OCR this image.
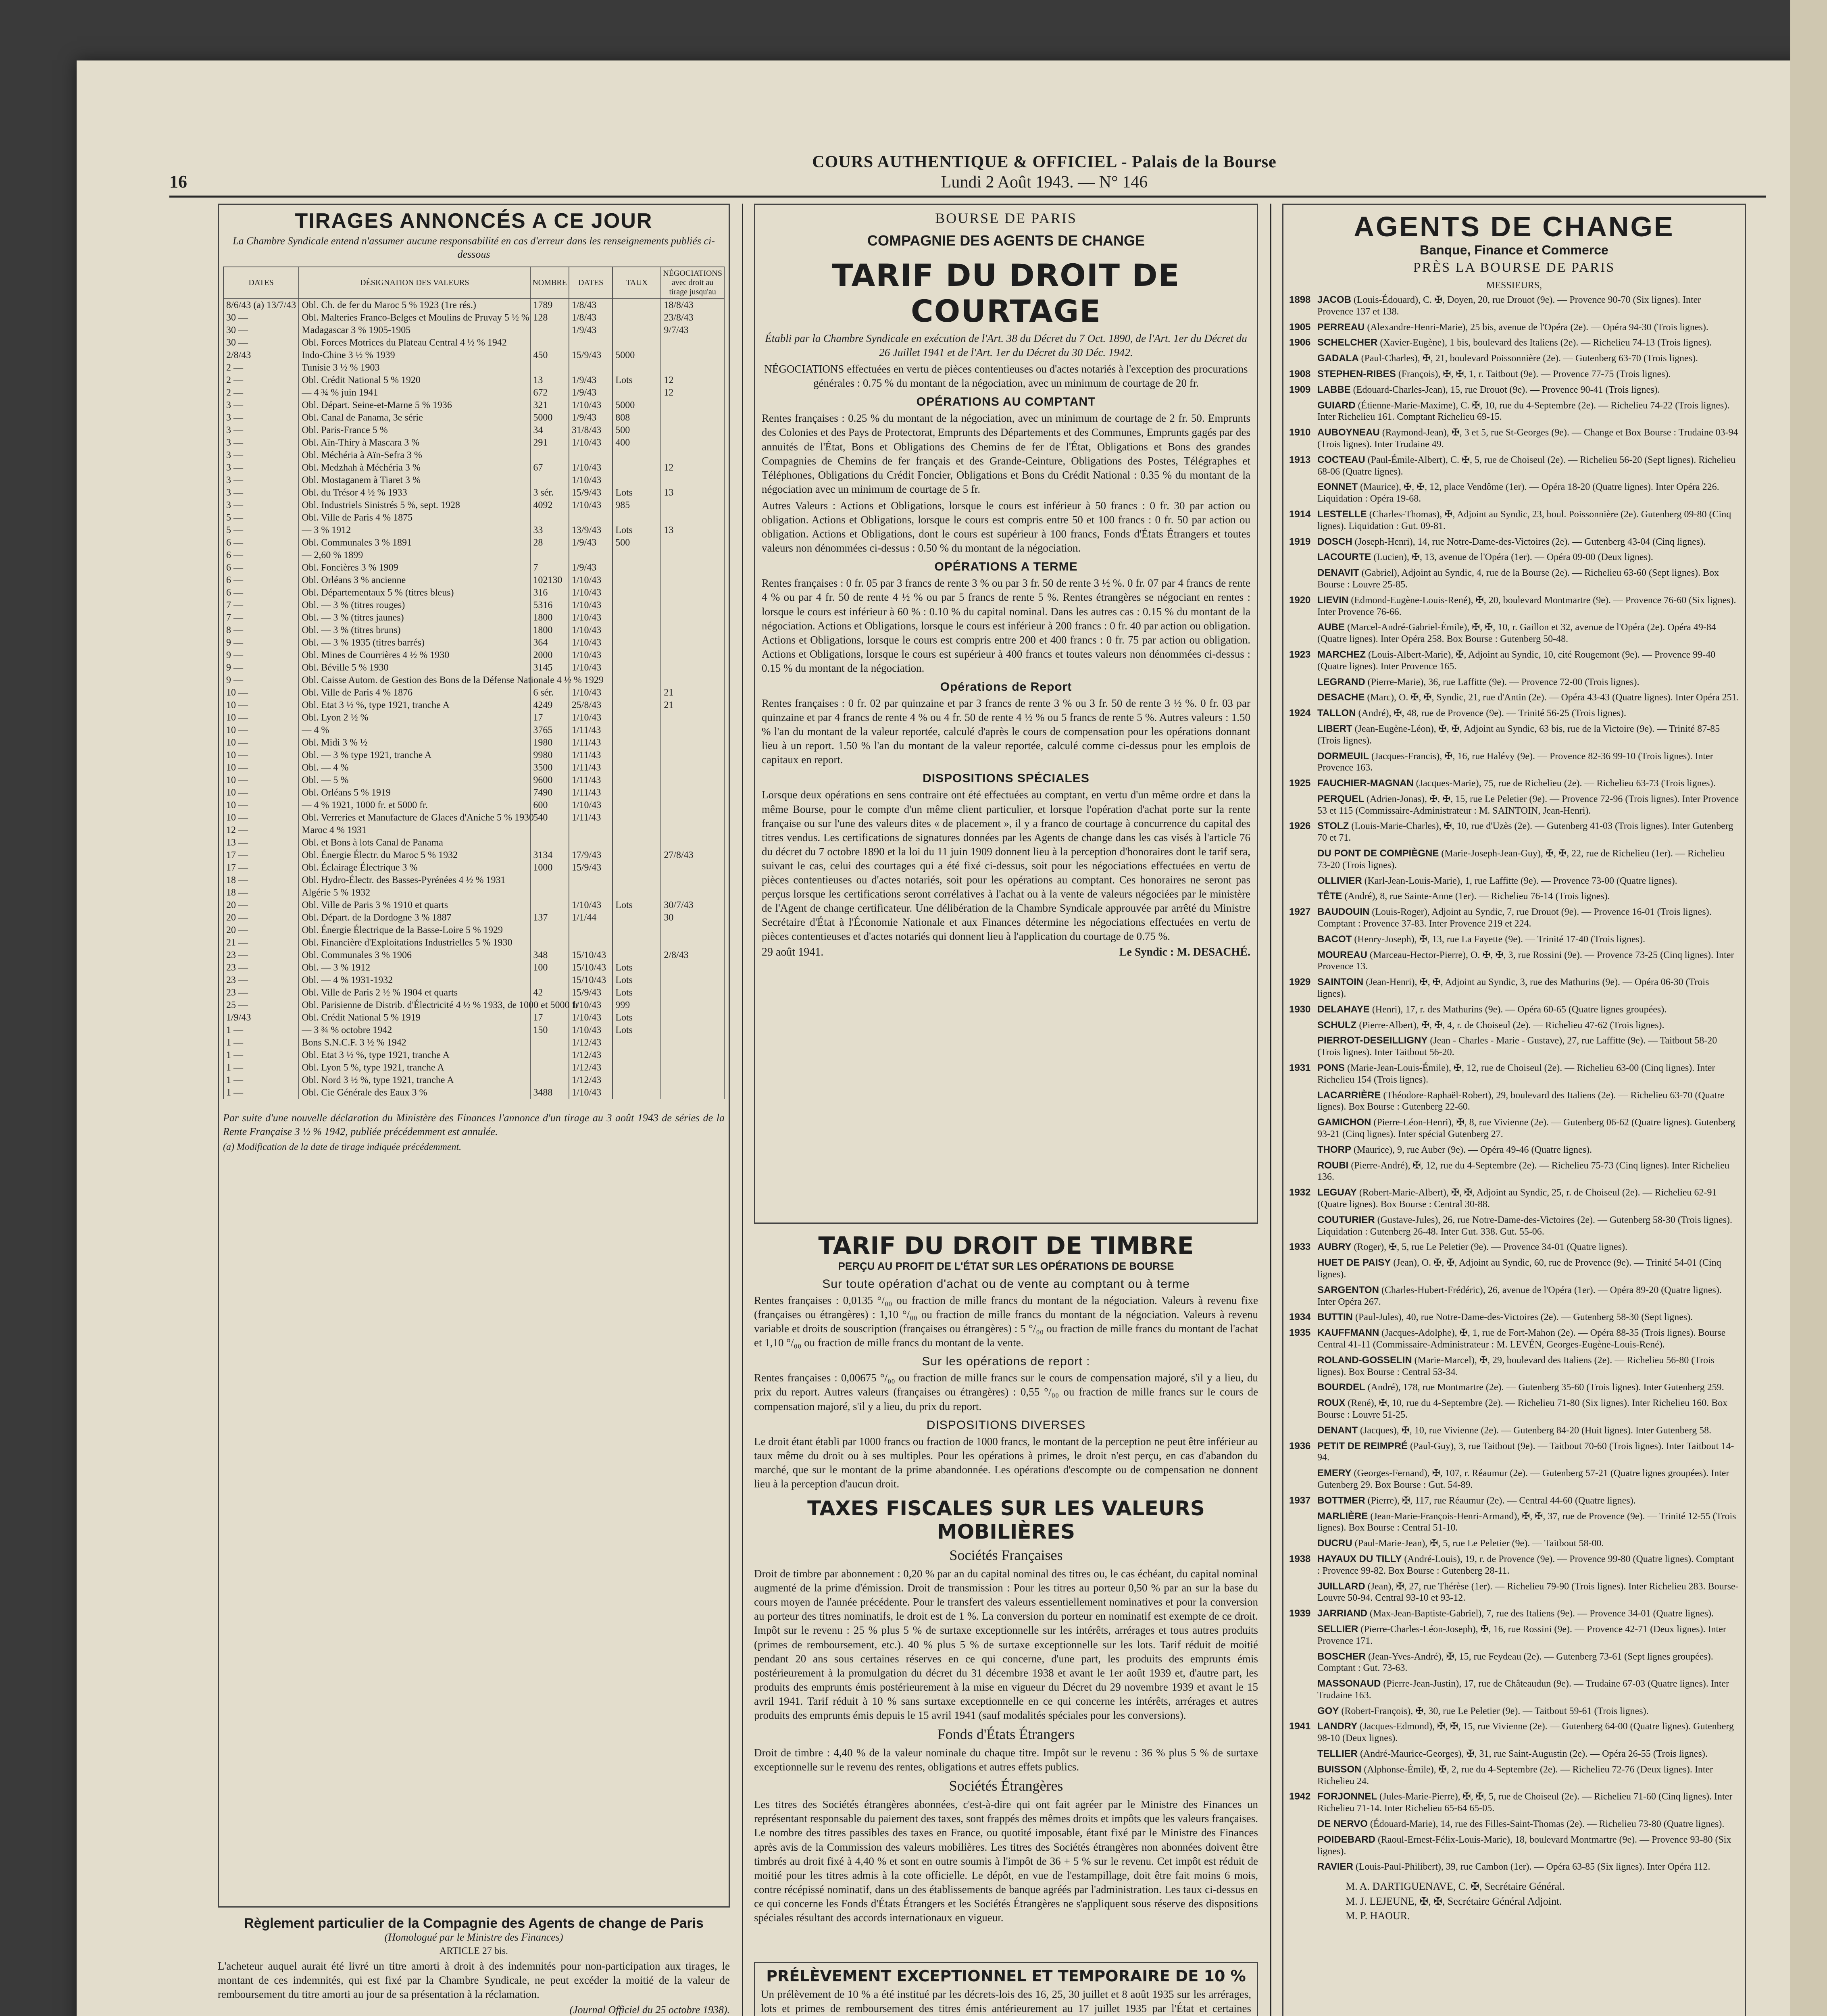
16
COURS AUTHENTIQUE & OFFICIEL - Palais de la Bourse
Lundi 2 Août 1943. — N° 146
TIRAGES ANNONCÉS A CE JOUR
La Chambre Syndicale entend n'assumer aucune responsabilité en cas d'erreur dans les renseignements publiés ci-dessous
DATES	DÉSIGNATION DES VALEURS	NOMBRE	DATES	TAUX	NÉGOCIATIONS avec droit au tirage jusqu'au
8/6/43 (a) 13/7/43	Obl. Ch. de fer du Maroc 5 % 1923 (1re rés.)	1789	1/8/43		18/8/43
30 —	Obl. Malteries Franco-Belges et Moulins de Pruvay 5 ½ %	128	1/8/43		23/8/43
30 —	Madagascar 3 % 1905-1905		1/9/43		9/7/43
30 —	Obl. Forces Motrices du Plateau Central 4 ½ % 1942				
2/8/43	Indo-Chine 3 ½ % 1939	450	15/9/43	5000	
2 —	Tunisie 3 ½ % 1903				
2 —	Obl. Crédit National 5 % 1920	13	1/9/43	Lots	12
2 —	— 4 ¾ % juin 1941	672	1/9/43		12
3 —	Obl. Départ. Seine-et-Marne 5 % 1936	321	1/10/43	5000	
3 —	Obl. Canal de Panama, 3e série	5000	1/9/43	808	
3 —	Obl. Paris-France 5 %	34	31/8/43	500	
3 —	Obl. Aïn-Thiry à Mascara 3 %	291	1/10/43	400	
3 —	Obl. Méchéria à Aïn-Sefra 3 %				
3 —	Obl. Medzhah à Méchéria 3 %	67	1/10/43		12
3 —	Obl. Mostaganem à Tiaret 3 %		1/10/43		
3 —	Obl. du Trésor 4 ½ % 1933	3 sér.	15/9/43	Lots	13
3 —	Obl. Industriels Sinistrés 5 %, sept. 1928	4092	1/10/43	985	
5 —	Obl. Ville de Paris 4 % 1875				
5 —	— 3 % 1912	33	13/9/43	Lots	13
6 —	Obl. Communales 3 % 1891	28	1/9/43	500	
6 —	— 2,60 % 1899				
6 —	Obl. Foncières 3 % 1909	7	1/9/43		
6 —	Obl. Orléans 3 % ancienne	102130	1/10/43		
6 —	Obl. Départementaux 5 % (titres bleus)	316	1/10/43		
7 —	Obl. — 3 % (titres rouges)	5316	1/10/43		
7 —	Obl. — 3 % (titres jaunes)	1800	1/10/43		
8 —	Obl. — 3 % (titres bruns)	1800	1/10/43		
9 —	Obl. — 3 % 1935 (titres barrés)	364	1/10/43		
9 —	Obl. Mines de Courrières 4 ½ % 1930	2000	1/10/43		
9 —	Obl. Béville 5 % 1930	3145	1/10/43		
9 —	Obl. Caisse Autom. de Gestion des Bons de la Défense Nationale 4 ½ % 1929				
10 —	Obl. Ville de Paris 4 % 1876	6 sér.	1/10/43		21
10 —	Obl. Etat 3 ½ %, type 1921, tranche A	4249	25/8/43		21
10 —	Obl. Lyon 2 ½ %	17	1/10/43		
10 —	— 4 %	3765	1/11/43		
10 —	Obl. Midi 3 % ½	1980	1/11/43		
10 —	Obl. — 3 % type 1921, tranche A	9980	1/11/43		
10 —	Obl. — 4 %	3500	1/11/43		
10 —	Obl. — 5 %	9600	1/11/43		
10 —	Obl. Orléans 5 % 1919	7490	1/11/43		
10 —	— 4 % 1921, 1000 fr. et 5000 fr.	600	1/10/43		
10 —	Obl. Verreries et Manufacture de Glaces d'Aniche 5 % 1930	540	1/11/43		
12 —	Maroc 4 % 1931				
13 —	Obl. et Bons à lots Canal de Panama				
17 —	Obl. Énergie Électr. du Maroc 5 % 1932	3134	17/9/43		27/8/43
17 —	Obl. Éclairage Électrique 3 %	1000	15/9/43		
18 —	Obl. Hydro-Électr. des Basses-Pyrénées 4 ½ % 1931				
18 —	Algérie 5 % 1932				
20 —	Obl. Ville de Paris 3 % 1910 et quarts		1/10/43	Lots	30/7/43
20 —	Obl. Départ. de la Dordogne 3 % 1887	137	1/1/44		30
20 —	Obl. Énergie Électrique de la Basse-Loire 5 % 1929				
21 —	Obl. Financière d'Exploitations Industrielles 5 % 1930				
23 —	Obl. Communales 3 % 1906	348	15/10/43		2/8/43
23 —	Obl. — 3 % 1912	100	15/10/43	Lots	
23 —	Obl. — 4 % 1931-1932		15/10/43	Lots	
23 —	Obl. Ville de Paris 2 ½ % 1904 et quarts	42	15/9/43	Lots	
25 —	Obl. Parisienne de Distrib. d'Électricité 4 ½ % 1933, de 1000 et 5000 fr		1/10/43	999	
1/9/43	Obl. Crédit National 5 % 1919	17	1/10/43	Lots	
1 —	— 3 ¾ % octobre 1942	150	1/10/43	Lots	
1 —	Bons S.N.C.F. 3 ½ % 1942		1/12/43		
1 —	Obl. Etat 3 ½ %, type 1921, tranche A		1/12/43		
1 —	Obl. Lyon 5 %, type 1921, tranche A		1/12/43		
1 —	Obl. Nord 3 ½ %, type 1921, tranche A		1/12/43		
1 —	Obl. Cie Générale des Eaux 3 %	3488	1/10/43		
Par suite d'une nouvelle déclaration du Ministère des Finances l'annonce d'un tirage au 3 août 1943 de séries de la Rente Française 3 ½ % 1942, publiée précédemment est annulée.
(a) Modification de la date de tirage indiquée précédemment.
Règlement particulier de la Compagnie des Agents de change de Paris
(Homologué par le Ministre des Finances)
ARTICLE 27 bis.
L'acheteur auquel aurait été livré un titre amorti à droit à des indemnités pour non-participation aux tirages, le montant de ces indemnités, qui est fixé par la Chambre Syndicale, ne peut excéder la moitié de la valeur de remboursement du titre amorti au jour de sa présentation à la réclamation.
(Journal Officiel du 25 octobre 1938).
BOURSE DE PARIS
COMPAGNIE DES AGENTS DE CHANGE
TARIF DU DROIT DE COURTAGE
Établi par la Chambre Syndicale en exécution de l'Art. 38 du Décret du 7 Oct. 1890, de l'Art. 1er du Décret du 26 Juillet 1941 et de l'Art. 1er du Décret du 30 Déc. 1942.
NÉGOCIATIONS effectuées en vertu de pièces contentieuses ou d'actes notariés à l'exception des procurations générales : 0.75 % du montant de la négociation, avec un minimum de courtage de 20 fr.
OPÉRATIONS AU COMPTANT
Rentes françaises : 0.25 % du montant de la négociation, avec un minimum de courtage de 2 fr. 50. Emprunts des Colonies et des Pays de Protectorat, Emprunts des Départements et des Communes, Emprunts gagés par des annuités de l'État, Bons et Obligations des Chemins de fer de l'État, Obligations et Bons des grandes Compagnies de Chemins de fer français et des Grande-Ceinture, Obligations des Postes, Télégraphes et Téléphones, Obligations du Crédit Foncier, Obligations et Bons du Crédit National : 0.35 % du montant de la négociation avec un minimum de courtage de 5 fr.
Autres Valeurs : Actions et Obligations, lorsque le cours est inférieur à 50 francs : 0 fr. 30 par action ou obligation. Actions et Obligations, lorsque le cours est compris entre 50 et 100 francs : 0 fr. 50 par action ou obligation. Actions et Obligations, dont le cours est supérieur à 100 francs, Fonds d'États Étrangers et toutes valeurs non dénommées ci-dessus : 0.50 % du montant de la négociation.
OPÉRATIONS A TERME
Rentes françaises : 0 fr. 05 par 3 francs de rente 3 % ou par 3 fr. 50 de rente 3 ½ %. 0 fr. 07 par 4 francs de rente 4 % ou par 4 fr. 50 de rente 4 ½ % ou par 5 francs de rente 5 %. Rentes étrangères se négociant en rentes : lorsque le cours est inférieur à 60 % : 0.10 % du capital nominal. Dans les autres cas : 0.15 % du montant de la négociation. Actions et Obligations, lorsque le cours est inférieur à 200 francs : 0 fr. 40 par action ou obligation. Actions et Obligations, lorsque le cours est compris entre 200 et 400 francs : 0 fr. 75 par action ou obligation. Actions et Obligations, lorsque le cours est supérieur à 400 francs et toutes valeurs non dénommées ci-dessus : 0.15 % du montant de la négociation.
Opérations de Report
Rentes françaises : 0 fr. 02 par quinzaine et par 3 francs de rente 3 % ou 3 fr. 50 de rente 3 ½ %. 0 fr. 03 par quinzaine et par 4 francs de rente 4 % ou 4 fr. 50 de rente 4 ½ % ou 5 francs de rente 5 %. Autres valeurs : 1.50 % l'an du montant de la valeur reportée, calculé d'après le cours de compensation pour les opérations donnant lieu à un report. 1.50 % l'an du montant de la valeur reportée, calculé comme ci-dessus pour les emplois de capitaux en report.
DISPOSITIONS SPÉCIALES
Lorsque deux opérations en sens contraire ont été effectuées au comptant, en vertu d'un même ordre et dans la même Bourse, pour le compte d'un même client particulier, et lorsque l'opération d'achat porte sur la rente française ou sur l'une des valeurs dites « de placement », il y a franco de courtage à concurrence du capital des titres vendus. Les certifications de signatures données par les Agents de change dans les cas visés à l'article 76 du décret du 7 octobre 1890 et la loi du 11 juin 1909 donnent lieu à la perception d'honoraires dont le tarif sera, suivant le cas, celui des courtages qui a été fixé ci-dessus, soit pour les négociations effectuées en vertu de pièces contentieuses ou d'actes notariés, soit pour les opérations au comptant. Ces honoraires ne seront pas perçus lorsque les certifications seront corrélatives à l'achat ou à la vente de valeurs négociées par le ministère de l'Agent de change certificateur. Une délibération de la Chambre Syndicale approuvée par arrêté du Ministre Secrétaire d'État à l'Économie Nationale et aux Finances détermine les négociations effectuées en vertu de pièces contentieuses et d'actes notariés qui donnent lieu à l'application du courtage de 0.75 %.
29 août 1941.	Le Syndic : M. DESACHÉ.
TARIF DU DROIT DE TIMBRE
PERÇU AU PROFIT DE L'ÉTAT SUR LES OPÉRATIONS DE BOURSE
Sur toute opération d'achat ou de vente au comptant ou à terme
Rentes françaises : 0,0135 °/₀₀ ou fraction de mille francs du montant de la négociation. Valeurs à revenu fixe (françaises ou étrangères) : 1,10 °/₀₀ ou fraction de mille francs du montant de la négociation. Valeurs à revenu variable et droits de souscription (françaises ou étrangères) : 5 °/₀₀ ou fraction de mille francs du montant de l'achat et 1,10 °/₀₀ ou fraction de mille francs du montant de la vente.
Sur les opérations de report :
Rentes françaises : 0,00675 °/₀₀ ou fraction de mille francs sur le cours de compensation majoré, s'il y a lieu, du prix du report. Autres valeurs (françaises ou étrangères) : 0,55 °/₀₀ ou fraction de mille francs sur le cours de compensation majoré, s'il y a lieu, du prix du report.
DISPOSITIONS DIVERSES
Le droit étant établi par 1000 francs ou fraction de 1000 francs, le montant de la perception ne peut être inférieur au taux même du droit ou à ses multiples. Pour les opérations à primes, le droit n'est perçu, en cas d'abandon du marché, que sur le montant de la prime abandonnée. Les opérations d'escompte ou de compensation ne donnent lieu à la perception d'aucun droit.
TAXES FISCALES SUR LES VALEURS MOBILIÈRES
Sociétés Françaises
Droit de timbre par abonnement : 0,20 % par an du capital nominal des titres ou, le cas échéant, du capital nominal augmenté de la prime d'émission. Droit de transmission : Pour les titres au porteur 0,50 % par an sur la base du cours moyen de l'année précédente. Pour le transfert des valeurs essentiellement nominatives et pour la conversion au porteur des titres nominatifs, le droit est de 1 %. La conversion du porteur en nominatif est exempte de ce droit. Impôt sur le revenu : 25 % plus 5 % de surtaxe exceptionnelle sur les intérêts, arrérages et tous autres produits (primes de remboursement, etc.). 40 % plus 5 % de surtaxe exceptionnelle sur les lots. Tarif réduit de moitié pendant 20 ans sous certaines réserves en ce qui concerne, d'une part, les produits des emprunts émis postérieurement à la promulgation du décret du 31 décembre 1938 et avant le 1er août 1939 et, d'autre part, les produits des emprunts émis postérieurement à la mise en vigueur du Décret du 29 novembre 1939 et avant le 15 avril 1941. Tarif réduit à 10 % sans surtaxe exceptionnelle en ce qui concerne les intérêts, arrérages et autres produits des emprunts émis depuis le 15 avril 1941 (sauf modalités spéciales pour les conversions).
Fonds d'États Étrangers
Droit de timbre : 4,40 % de la valeur nominale du chaque titre. Impôt sur le revenu : 36 % plus 5 % de surtaxe exceptionnelle sur le revenu des rentes, obligations et autres effets publics.
Sociétés Étrangères
Les titres des Sociétés étrangères abonnées, c'est-à-dire qui ont fait agréer par le Ministre des Finances un représentant responsable du paiement des taxes, sont frappés des mêmes droits et impôts que les valeurs françaises. Le nombre des titres passibles des taxes en France, ou quotité imposable, étant fixé par le Ministre des Finances après avis de la Commission des valeurs mobilières. Les titres des Sociétés étrangères non abonnées doivent être timbrés au droit fixé à 4,40 % et sont en outre soumis à l'impôt de 36 + 5 % sur le revenu. Cet impôt est réduit de moitié pour les titres admis à la cote officielle. Le dépôt, en vue de l'estampillage, doit être fait moins 6 mois, contre récépissé nominatif, dans un des établissements de banque agréés par l'administration. Les taux ci-dessus en ce qui concerne les Fonds d'États Étrangers et les Sociétés Étrangères ne s'appliquent sous réserve des dispositions spéciales résultant des accords internationaux en vigueur.
PRÉLÈVEMENT EXCEPTIONNEL ET TEMPORAIRE DE 10 %
Un prélèvement de 10 % a été institué par les décrets-lois des 16, 25, 30 juillet et 8 août 1935 sur les arrérages, lots et primes de remboursement des titres émis antérieurement au 17 juillet 1935 par l'État et certaines
AGENTS DE CHANGE
Banque, Finance et Commerce
PRÈS LA BOURSE DE PARIS
MESSIEURS,
1898 JACOB (Louis-Édouard), C. ✠, Doyen, 20, rue Drouot (9e). — Provence 90-70 (Six lignes). Inter Provence 137 et 138.
1905 PERREAU (Alexandre-Henri-Marie), 25 bis, avenue de l'Opéra (2e). — Opéra 94-30 (Trois lignes).
1906 SCHELCHER (Xavier-Eugène), 1 bis, boulevard des Italiens (2e). — Richelieu 74-13 (Trois lignes).
GADALA (Paul-Charles), ✠, 21, boulevard Poissonnière (2e). — Gutenberg 63-70 (Trois lignes).
1908 STEPHEN-RIBES (François), ✠, ✠, 1, r. Taitbout (9e). — Provence 77-75 (Trois lignes).
1909 LABBE (Edouard-Charles-Jean), 15, rue Drouot (9e). — Provence 90-41 (Trois lignes).
GUIARD (Étienne-Marie-Maxime), C. ✠, 10, rue du 4-Septembre (2e). — Richelieu 74-22 (Trois lignes). Inter Richelieu 161. Comptant Richelieu 69-15.
1910 AUBOYNEAU (Raymond-Jean), ✠, 3 et 5, rue St-Georges (9e). — Change et Box Bourse : Trudaine 03-94 (Trois lignes). Inter Trudaine 49.
1913 COCTEAU (Paul-Émile-Albert), C. ✠, 5, rue de Choiseul (2e). — Richelieu 56-20 (Sept lignes). Richelieu 68-06 (Quatre lignes).
EONNET (Maurice), ✠, ✠, 12, place Vendôme (1er). — Opéra 18-20 (Quatre lignes). Inter Opéra 226. Liquidation : Opéra 19-68.
1914 LESTELLE (Charles-Thomas), ✠, Adjoint au Syndic, 23, boul. Poissonnière (2e). Gutenberg 09-80 (Cinq lignes). Liquidation : Gut. 09-81.
1919 DOSCH (Joseph-Henri), 14, rue Notre-Dame-des-Victoires (2e). — Gutenberg 43-04 (Cinq lignes).
LACOURTE (Lucien), ✠, 13, avenue de l'Opéra (1er). — Opéra 09-00 (Deux lignes).
DENAVIT (Gabriel), Adjoint au Syndic, 4, rue de la Bourse (2e). — Richelieu 63-60 (Sept lignes). Box Bourse : Louvre 25-85.
1920 LIEVIN (Edmond-Eugène-Louis-René), ✠, 20, boulevard Montmartre (9e). — Provence 76-60 (Six lignes). Inter Provence 76-66.
AUBE (Marcel-André-Gabriel-Émile), ✠, ✠, 10, r. Gaillon et 32, avenue de l'Opéra (2e). Opéra 49-84 (Quatre lignes). Inter Opéra 258. Box Bourse : Gutenberg 50-48.
1923 MARCHEZ (Louis-Albert-Marie), ✠, Adjoint au Syndic, 10, cité Rougemont (9e). — Provence 99-40 (Quatre lignes). Inter Provence 165.
LEGRAND (Pierre-Marie), 36, rue Laffitte (9e). — Provence 72-00 (Trois lignes).
DESACHE (Marc), O. ✠, ✠, Syndic, 21, rue d'Antin (2e). — Opéra 43-43 (Quatre lignes). Inter Opéra 251.
1924 TALLON (André), ✠, 48, rue de Provence (9e). — Trinité 56-25 (Trois lignes).
LIBERT (Jean-Eugène-Léon), ✠, ✠, Adjoint au Syndic, 63 bis, rue de la Victoire (9e). — Trinité 87-85 (Trois lignes).
DORMEUIL (Jacques-Francis), ✠, 16, rue Halévy (9e). — Provence 82-36 99-10 (Trois lignes). Inter Provence 163.
1925 FAUCHIER-MAGNAN (Jacques-Marie), 75, rue de Richelieu (2e). — Richelieu 63-73 (Trois lignes).
PERQUEL (Adrien-Jonas), ✠, ✠, 15, rue Le Peletier (9e). — Provence 72-96 (Trois lignes). Inter Provence 53 et 115 (Commissaire-Administrateur : M. SAINTOIN, Jean-Henri).
1926 STOLZ (Louis-Marie-Charles), ✠, 10, rue d'Uzès (2e). — Gutenberg 41-03 (Trois lignes). Inter Gutenberg 70 et 71.
DU PONT DE COMPIÈGNE (Marie-Joseph-Jean-Guy), ✠, ✠, 22, rue de Richelieu (1er). — Richelieu 73-20 (Trois lignes).
OLLIVIER (Karl-Jean-Louis-Marie), 1, rue Laffitte (9e). — Provence 73-00 (Quatre lignes).
TÊTE (André), 8, rue Sainte-Anne (1er). — Richelieu 76-14 (Trois lignes).
1927 BAUDOUIN (Louis-Roger), Adjoint au Syndic, 7, rue Drouot (9e). — Provence 16-01 (Trois lignes). Comptant : Provence 37-83. Inter Provence 219 et 224.
BACOT (Henry-Joseph), ✠, 13, rue La Fayette (9e). — Trinité 17-40 (Trois lignes).
MOUREAU (Marceau-Hector-Pierre), O. ✠, ✠, 3, rue Rossini (9e). — Provence 73-25 (Cinq lignes). Inter Provence 13.
1929 SAINTOIN (Jean-Henri), ✠, ✠, Adjoint au Syndic, 3, rue des Mathurins (9e). — Opéra 06-30 (Trois lignes).
1930 DELAHAYE (Henri), 17, r. des Mathurins (9e). — Opéra 60-65 (Quatre lignes groupées).
SCHULZ (Pierre-Albert), ✠, ✠, 4, r. de Choiseul (2e). — Richelieu 47-62 (Trois lignes).
PIERROT-DESEILLIGNY (Jean - Charles - Marie - Gustave), 27, rue Laffitte (9e). — Taitbout 58-20 (Trois lignes). Inter Taitbout 56-20.
1931 PONS (Marie-Jean-Louis-Émile), ✠, 12, rue de Choiseul (2e). — Richelieu 63-00 (Cinq lignes). Inter Richelieu 154 (Trois lignes).
LACARRIÈRE (Théodore-Raphaël-Robert), 29, boulevard des Italiens (2e). — Richelieu 63-70 (Quatre lignes). Box Bourse : Gutenberg 22-60.
GAMICHON (Pierre-Léon-Henri), ✠, 8, rue Vivienne (2e). — Gutenberg 06-62 (Quatre lignes). Gutenberg 93-21 (Cinq lignes). Inter spécial Gutenberg 27.
THORP (Maurice), 9, rue Auber (9e). — Opéra 49-46 (Quatre lignes).
ROUBI (Pierre-André), ✠, 12, rue du 4-Septembre (2e). — Richelieu 75-73 (Cinq lignes). Inter Richelieu 136.
1932 LEGUAY (Robert-Marie-Albert), ✠, ✠, Adjoint au Syndic, 25, r. de Choiseul (2e). — Richelieu 62-91 (Quatre lignes). Box Bourse : Central 30-88.
COUTURIER (Gustave-Jules), 26, rue Notre-Dame-des-Victoires (2e). — Gutenberg 58-30 (Trois lignes). Liquidation : Gutenberg 26-48. Inter Gut. 338. Gut. 55-06.
1933 AUBRY (Roger), ✠, 5, rue Le Peletier (9e). — Provence 34-01 (Quatre lignes).
HUET DE PAISY (Jean), O. ✠, ✠, Adjoint au Syndic, 60, rue de Provence (9e). — Trinité 54-01 (Cinq lignes).
SARGENTON (Charles-Hubert-Frédéric), 26, avenue de l'Opéra (1er). — Opéra 89-20 (Quatre lignes). Inter Opéra 267.
1934 BUTTIN (Paul-Jules), 40, rue Notre-Dame-des-Victoires (2e). — Gutenberg 58-30 (Sept lignes).
1935 KAUFFMANN (Jacques-Adolphe), ✠, 1, rue de Fort-Mahon (2e). — Opéra 88-35 (Trois lignes). Bourse Central 41-11 (Commissaire-Administrateur : M. LEVÉN, Georges-Eugène-Louis-René).
ROLAND-GOSSELIN (Marie-Marcel), ✠, 29, boulevard des Italiens (2e). — Richelieu 56-80 (Trois lignes). Box Bourse : Central 53-34.
BOURDEL (André), 178, rue Montmartre (2e). — Gutenberg 35-60 (Trois lignes). Inter Gutenberg 259.
ROUX (René), ✠, 10, rue du 4-Septembre (2e). — Richelieu 71-80 (Six lignes). Inter Richelieu 160. Box Bourse : Louvre 51-25.
DENANT (Jacques), ✠, 10, rue Vivienne (2e). — Gutenberg 84-20 (Huit lignes). Inter Gutenberg 58.
1936 PETIT DE REIMPRÉ (Paul-Guy), 3, rue Taitbout (9e). — Taitbout 70-60 (Trois lignes). Inter Taitbout 14-94.
EMERY (Georges-Fernand), ✠, 107, r. Réaumur (2e). — Gutenberg 57-21 (Quatre lignes groupées). Inter Gutenberg 29. Box Bourse : Gut. 54-89.
1937 BOTTMER (Pierre), ✠, 117, rue Réaumur (2e). — Central 44-60 (Quatre lignes).
MARLIÈRE (Jean-Marie-François-Henri-Armand), ✠, ✠, 37, rue de Provence (9e). — Trinité 12-55 (Trois lignes). Box Bourse : Central 51-10.
DUCRU (Paul-Marie-Jean), ✠, 5, rue Le Peletier (9e). — Taitbout 58-00.
1938 HAYAUX DU TILLY (André-Louis), 19, r. de Provence (9e). — Provence 99-80 (Quatre lignes). Comptant : Provence 99-82. Box Bourse : Gutenberg 28-11.
JUILLARD (Jean), ✠, 27, rue Thérèse (1er). — Richelieu 79-90 (Trois lignes). Inter Richelieu 283. Bourse-Louvre 50-94. Central 93-10 et 93-12.
1939 JARRIAND (Max-Jean-Baptiste-Gabriel), 7, rue des Italiens (9e). — Provence 34-01 (Quatre lignes).
SELLIER (Pierre-Charles-Léon-Joseph), ✠, 16, rue Rossini (9e). — Provence 42-71 (Deux lignes). Inter Provence 171.
BOSCHER (Jean-Yves-André), ✠, 15, rue Feydeau (2e). — Gutenberg 73-61 (Sept lignes groupées). Comptant : Gut. 73-63.
MASSONAUD (Pierre-Jean-Justin), 17, rue de Châteaudun (9e). — Trudaine 67-03 (Quatre lignes). Inter Trudaine 163.
GOY (Robert-François), ✠, 30, rue Le Peletier (9e). — Taitbout 59-61 (Trois lignes).
1941 LANDRY (Jacques-Edmond), ✠, ✠, 15, rue Vivienne (2e). — Gutenberg 64-00 (Quatre lignes). Gutenberg 98-10 (Deux lignes).
TELLIER (André-Maurice-Georges), ✠, 31, rue Saint-Augustin (2e). — Opéra 26-55 (Trois lignes).
BUISSON (Alphonse-Émile), ✠, 2, rue du 4-Septembre (2e). — Richelieu 72-76 (Deux lignes). Inter Richelieu 24.
1942 FORJONNEL (Jules-Marie-Pierre), ✠, ✠, 5, rue de Choiseul (2e). — Richelieu 71-60 (Cinq lignes). Inter Richelieu 71-14. Inter Richelieu 65-64 65-05.
DE NERVO (Édouard-Marie), 14, rue des Filles-Saint-Thomas (2e). — Richelieu 73-80 (Quatre lignes).
POIDEBARD (Raoul-Ernest-Félix-Louis-Marie), 18, boulevard Montmartre (9e). — Provence 93-80 (Six lignes).
RAVIER (Louis-Paul-Philibert), 39, rue Cambon (1er). — Opéra 63-85 (Six lignes). Inter Opéra 112.
M. A. DARTIGUENAVE, C. ✠, Secrétaire Général.
M. J. LEJEUNE, ✠, ✠, Secrétaire Général Adjoint.
M. P. HAOUR.
